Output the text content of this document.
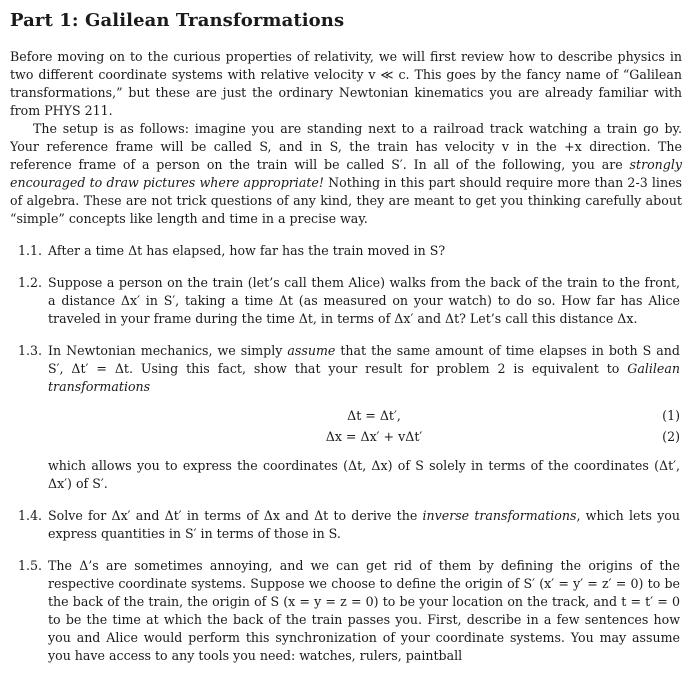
Part 1: Galilean Transformations

Before moving on to the curious properties of relativity, we will first review how to describe physics in two different coordinate systems with relative velocity v ≪ c. This goes by the fancy name of “Galilean transformations,” but these are just the ordinary Newtonian kinematics you are already familiar with from PHYS 211.

The setup is as follows: imagine you are standing next to a railroad track watching a train go by. Your reference frame will be called S, and in S, the train has velocity v in the +x direction. The reference frame of a person on the train will be called S′. In all of the following, you are strongly encouraged to draw pictures where appropriate! Nothing in this part should require more than 2-3 lines of algebra. These are not trick questions of any kind, they are meant to get you thinking carefully about “simple” concepts like length and time in a precise way.

1.1. After a time Δt has elapsed, how far has the train moved in S?
1.2. Suppose a person on the train (let’s call them Alice) walks from the back of the train to the front, a distance Δx′ in S′, taking a time Δt (as measured on your watch) to do so. How far has Alice traveled in your frame during the time Δt, in terms of Δx′ and Δt? Let’s call this distance Δx.
1.3. In Newtonian mechanics, we simply assume that the same amount of time elapses in both S and S′, Δt′ = Δt. Using this fact, show that your result for problem 2 is equivalent to Galilean transformations
Δt = Δt′,	(1)
Δx = Δx′ + vΔt′	(2)
which allows you to express the coordinates (Δt, Δx) of S solely in terms of the coordinates (Δt′, Δx′) of S′.
1.4. Solve for Δx′ and Δt′ in terms of Δx and Δt to derive the inverse transformations, which lets you express quantities in S′ in terms of those in S.
1.5. The Δ’s are sometimes annoying, and we can get rid of them by defining the origins of the respective coordinate systems. Suppose we choose to define the origin of S′ (x′ = y′ = z′ = 0) to be the back of the train, the origin of S (x = y = z = 0) to be your location on the track, and t = t′ = 0 to be the time at which the back of the train passes you. First, describe in a few sentences how you and Alice would perform this synchronization of your coordinate systems. You may assume you have access to any tools you need: watches, rulers, paintball
